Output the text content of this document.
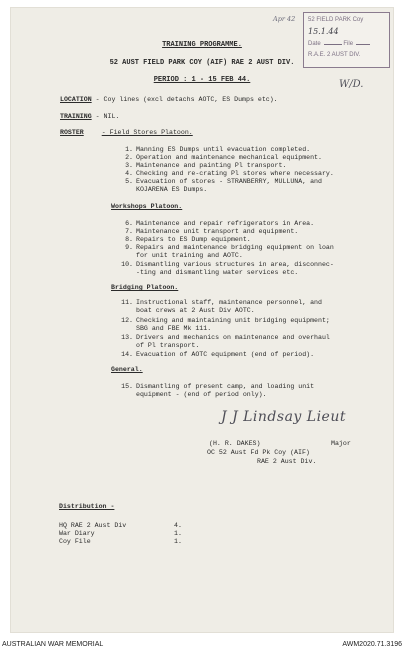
52 FIELD PARK Coy
15.1.44
Date	File
R.A.E. 2 AUST DIV.
Apr 42
W/D.
TRAINING PROGRAMME.
52 AUST FIELD PARK COY (AIF) RAE 2 AUST DIV.
PERIOD : 1 - 15 FEB 44.
LOCATION - Coy lines (excl detachs AOTC, ES Dumps etc).
TRAINING - NIL.
ROSTER	- Field Stores Platoon.
1. Manning ES Dumps until evacuation completed.
2. Operation and maintenance mechanical equipment.
3. Maintenance and painting Pl transport.
4. Checking and re-crating Pl stores where necessary.
5. Evacuation of stores - STRANBERRY, MULLUNA, and
KOJARENA ES Dumps.
Workshops Platoon.
6. Maintenance and repair refrigerators in Area.
7. Maintenance unit transport and equipment.
8. Repairs to ES Dump equipment.
9. Repairs and maintenance bridging equipment on loan
for unit training and AOTC.
10. Dismantling various structures in area, disconnec-
-ting and dismantling water services etc.
Bridging Platoon.
11. Instructional staff, maintenance personnel, and
boat crews at 2 Aust Div AOTC.
12. Checking and maintaining unit bridging equipment;
SBG and FBE Mk 111.
13. Drivers and mechanics on maintenance and overhaul
of Pl transport.
14. Evacuation of AOTC equipment (end of period).
General.
15. Dismantling of present camp, and loading unit
equipment - (end of period only).
J J Lindsay Lieut
(H. R. DAKES)	Major
OC 52 Aust Fd Pk Coy (AIF)
RAE 2 Aust Div.
Distribution -
HQ RAE 2 Aust Div	4.
War Diary	1.
Coy File	1.
AUSTRALIAN WAR MEMORIAL	AWM2020.71.3196
